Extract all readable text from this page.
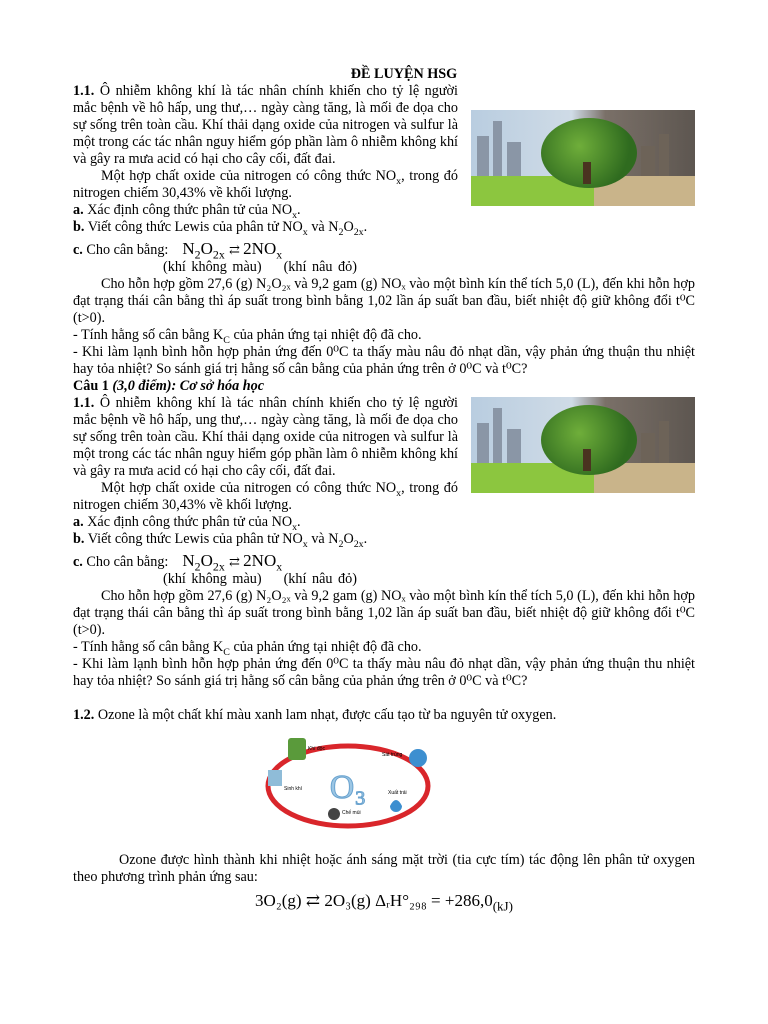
ĐỀ LUYỆN HSG
1.1. Ô nhiễm không khí là tác nhân chính khiến cho tỷ lệ người mắc bệnh về hô hấp, ung thư,… ngày càng tăng, là mối đe dọa cho sự sống trên toàn cầu. Khí thải dạng oxide của nitrogen và sulfur là một trong các tác nhân nguy hiểm góp phần làm ô nhiễm không khí và gây ra mưa acid có hại cho cây cối, đất đai.
Một hợp chất oxide của nitrogen có công thức $NO_x$, trong đó nitrogen chiếm 30,43% về khối lượng.
a. Xác định công thức phân tử của $NO_x$.
b. Viết công thức Lewis của phân tử $NO_x$ và $N_2O_{2x}$.
c. Cho cân bằng: $N_2O_{2x}$ ⇄ $2NO_x$
(khí không màu) (khí nâu đỏ)
Cho hỗn hợp gồm 27,6 (g) N₂O₂ₓ và 9,2 gam (g) NOₓ vào một bình kín thể tích 5,0 (L), đến khi hỗn hợp đạt trạng thái cân bằng thì áp suất trong bình bằng 1,02 lần áp suất ban đầu, biết nhiệt độ giữ không đổi t⁰C (t>0).
- Tính hằng số cân bằng $K_C$ của phản ứng tại nhiệt độ đã cho.
- Khi làm lạnh bình hỗn hợp phản ứng đến 0⁰C ta thấy màu nâu đỏ nhạt dần, vậy phản ứng thuận thu nhiệt hay tỏa nhiệt? So sánh giá trị hằng số cân bằng của phản ứng trên ở 0⁰C và t⁰C?
Câu 1 (3,0 điểm): Cơ sở hóa học
1.1. Ô nhiễm không khí là tác nhân chính khiến cho tỷ lệ người mắc bệnh về hô hấp, ung thư,… ngày càng tăng, là mối đe dọa cho sự sống trên toàn cầu. Khí thải dạng oxide của nitrogen và sulfur là một trong các tác nhân nguy hiểm góp phần làm ô nhiễm không khí và gây ra mưa acid có hại cho cây cối, đất đai.
Một hợp chất oxide của nitrogen có công thức $NO_x$, trong đó nitrogen chiếm 30,43% về khối lượng.
a. Xác định công thức phân tử của $NO_x$.
b. Viết công thức Lewis của phân tử $NO_x$ và $N_2O_{2x}$.
c. Cho cân bằng: $N_2O_{2x}$ ⇄ $2NO_x$
(khí không màu) (khí nâu đỏ)
Cho hỗn hợp gồm 27,6 (g) N₂O₂ₓ và 9,2 gam (g) NOₓ vào một bình kín thể tích 5,0 (L), đến khi hỗn hợp đạt trạng thái cân bằng thì áp suất trong bình bằng 1,02 lần áp suất ban đầu, biết nhiệt độ giữ không đổi t⁰C (t>0).
- Tính hằng số cân bằng $K_C$ của phản ứng tại nhiệt độ đã cho.
- Khi làm lạnh bình hỗn hợp phản ứng đến 0⁰C ta thấy màu nâu đỏ nhạt dần, vậy phản ứng thuận thu nhiệt hay tỏa nhiệt? So sánh giá trị hằng số cân bằng của phản ứng trên ở 0⁰C và t⁰C?
1.2. Ozone là một chất khí màu xanh lam nhạt, được cấu tạo từ ba nguyên tử oxygen.
O₃
Khí độc
Sát trùng
Sinh khí
Xuất trái
Chế mùi
Ozone được hình thành khi nhiệt hoặc ánh sáng mặt trời (tia cực tím) tác động lên phân tử oxygen theo phương trình phản ứng sau:
3O₂(g) ⇄ 2O₃(g) ΔᵣH°₂₉₈ = $+286,0_{(kJ)}$
